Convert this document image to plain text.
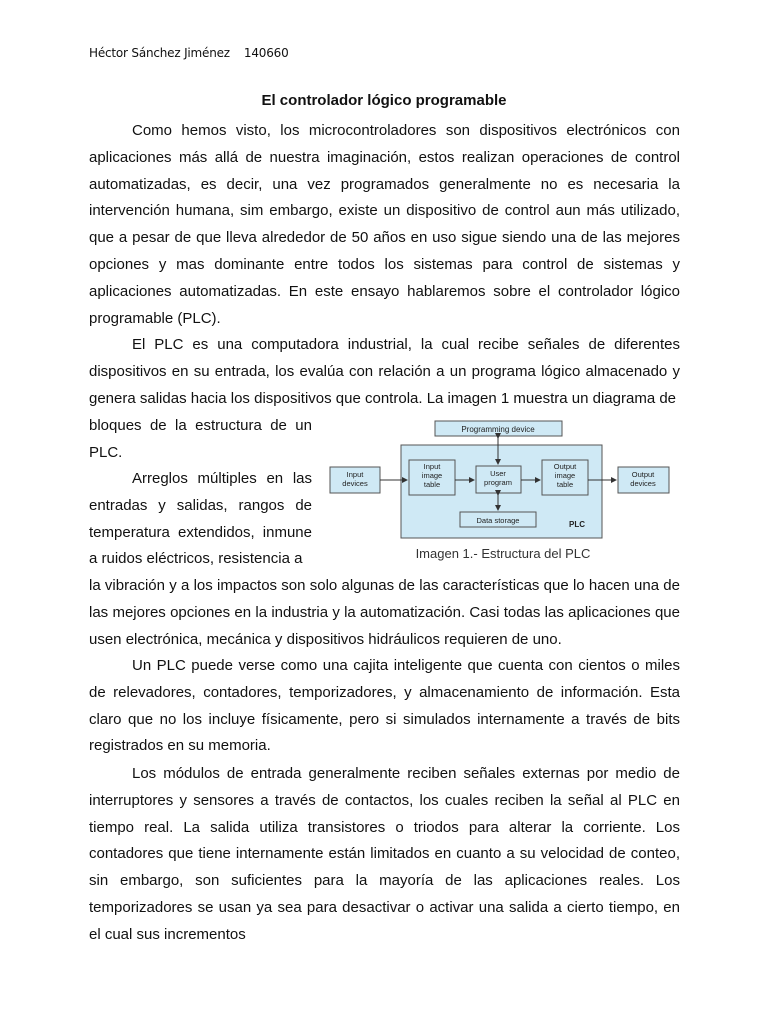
Héctor Sánchez Jiménez 140660
El controlador lógico programable

Como hemos visto, los microcontroladores son dispositivos electrónicos con aplicaciones más allá de nuestra imaginación, estos realizan operaciones de control automatizadas, es decir, una vez programados generalmente no es necesaria la intervención humana, sim embargo, existe un dispositivo de control aun más utilizado, que a pesar de que lleva alrededor de 50 años en uso sigue siendo una de las mejores opciones y mas dominante entre todos los sistemas para control de sistemas y aplicaciones automatizadas. En este ensayo hablaremos sobre el controlador lógico programable (PLC).

El PLC es una computadora industrial, la cual recibe señales de diferentes dispositivos en su entrada, los evalúa con relación a un programa lógico almacenado y genera salidas hacia los dispositivos que controla. La imagen 1 muestra un diagrama de

bloques de la estructura de un PLC.

Arreglos múltiples en las entradas y salidas, rangos de temperatura extendidos, inmune a ruidos eléctricos, resistencia a

la vibración y a los impactos son solo algunas de las características que lo hacen una de las mejores opciones en la industria y la automatización. Casi todas las aplicaciones que usen electrónica, mecánica y dispositivos hidráulicos requieren de uno.

Un PLC puede verse como una cajita inteligente que cuenta con cientos o miles de relevadores, contadores, temporizadores, y almacenamiento de información. Esta claro que no los incluye físicamente, pero si simulados internamente a través de bits registrados en su memoria.

Los módulos de entrada generalmente reciben señales externas por medio de interruptores y sensores a través de contactos, los cuales reciben la señal al PLC en tiempo real. La salida utiliza transistores o triodos para alterar la corriente. Los contadores que tiene internamente están limitados en cuanto a su velocidad de conteo, sin embargo, son suficientes para la mayoría de las aplicaciones reales. Los temporizadores se usan ya sea para desactivar o activar una salida a cierto tiempo, en el cual sus incrementos

Programming device
PLC
Input
devices
Input
image
table
User
program
Output
image
table
Output
devices
Data storage
Imagen 1.- Estructura del PLC
